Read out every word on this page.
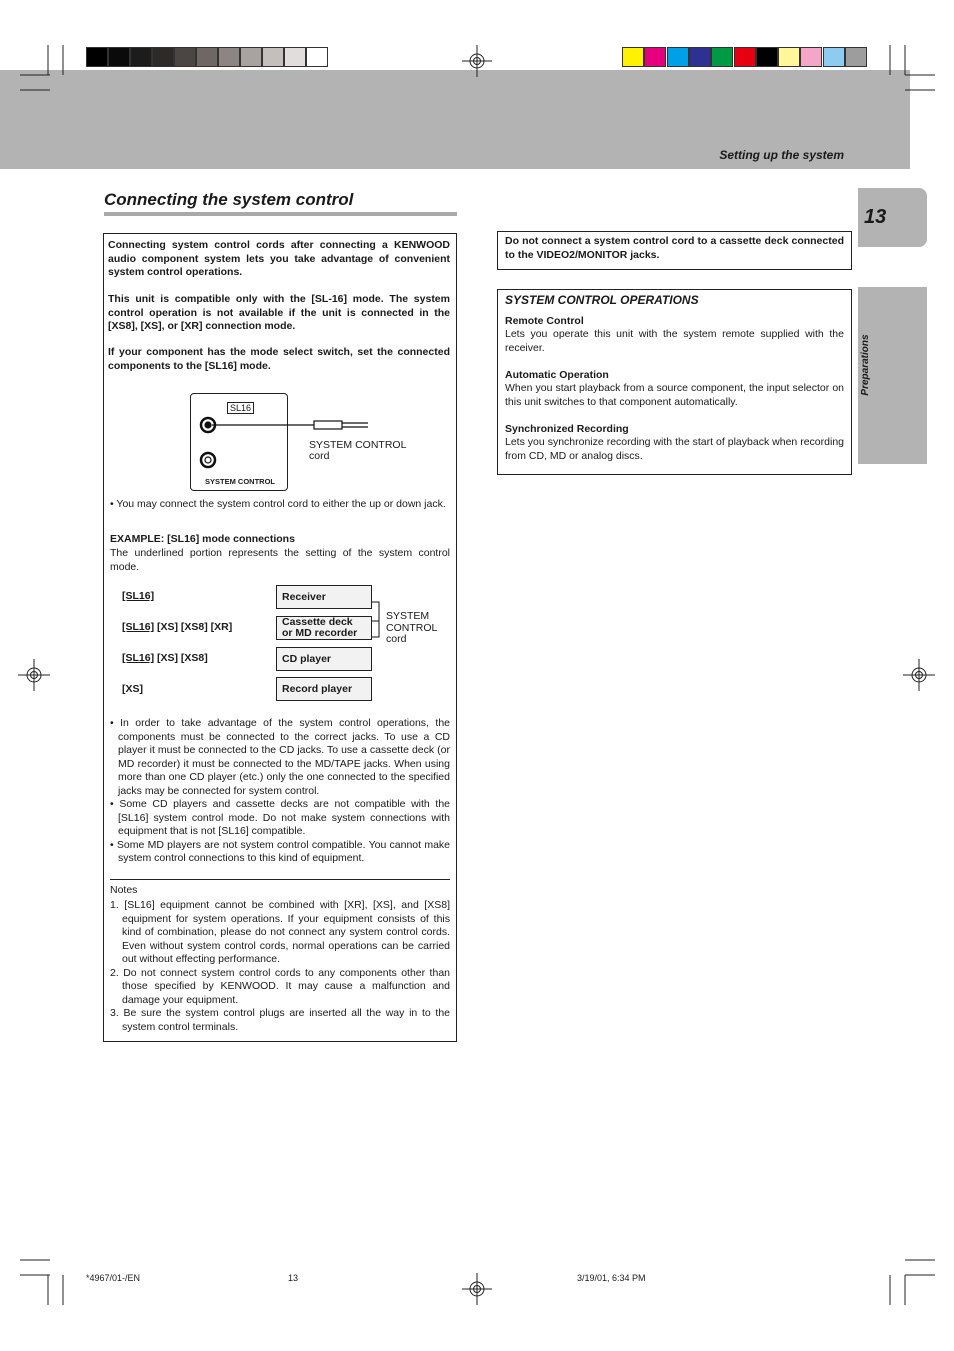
Setting up the system
13
Preparations
Connecting the system control
Connecting system control cords after connecting a KENWOOD audio component system lets you take advantage of convenient system control operations.
This unit is compatible only with the [SL-16] mode. The system control operation is not available if the unit is connected in the [XS8], [XS], or [XR] connection mode.
If your component has the mode select switch, set the connected components to the [SL16] mode.
SL16
SYSTEM CONTROL
SYSTEM CONTROL
cord
• You may connect the system control cord to either the up or down jack.
EXAMPLE: [SL16] mode connections
The underlined portion represents the setting of the system control mode.
[SL16]
[SL16] [XS] [XS8] [XR]
[SL16] [XS] [XS8]
[XS]
Receiver
Cassette deck or MD recorder
CD player
Record player
SYSTEM
CONTROL
cord
• In order to take advantage of the system control operations, the components must be connected to the correct jacks. To use a CD player it must be connected to the CD jacks. To use a cassette deck (or MD recorder) it must be connected to the MD/TAPE jacks. When using more than one CD player (etc.) only the one connected to the specified jacks may be connected for system control.
• Some CD players and cassette decks are not compatible with the [SL16] system control mode. Do not make system connections with equipment that is not [SL16] compatible.
• Some MD players are not system control compatible. You cannot make system control connections to this kind of equipment.
Notes
1. [SL16] equipment cannot be combined with [XR], [XS], and [XS8] equipment for system operations. If your equipment consists of this kind of combination, please do not connect any system control cords. Even without system control cords, normal operations can be carried out without effecting performance.
2. Do not connect system control cords to any components other than those specified by KENWOOD. It may cause a malfunction and damage your equipment.
3. Be sure the system control plugs are inserted all the way in to the system control terminals.
Do not connect a system control cord to a cassette deck connected to the VIDEO2/MONITOR jacks.
SYSTEM CONTROL OPERATIONS
Remote Control
Lets you operate this unit with the system remote supplied with the receiver.
Automatic Operation
When you start playback from a source component, the input selector on this unit switches to that component automatically.
Synchronized Recording
Lets you synchronize recording with the start of playback when recording from CD, MD or analog discs.
*4967/01-/EN	13	3/19/01, 6:34 PM
